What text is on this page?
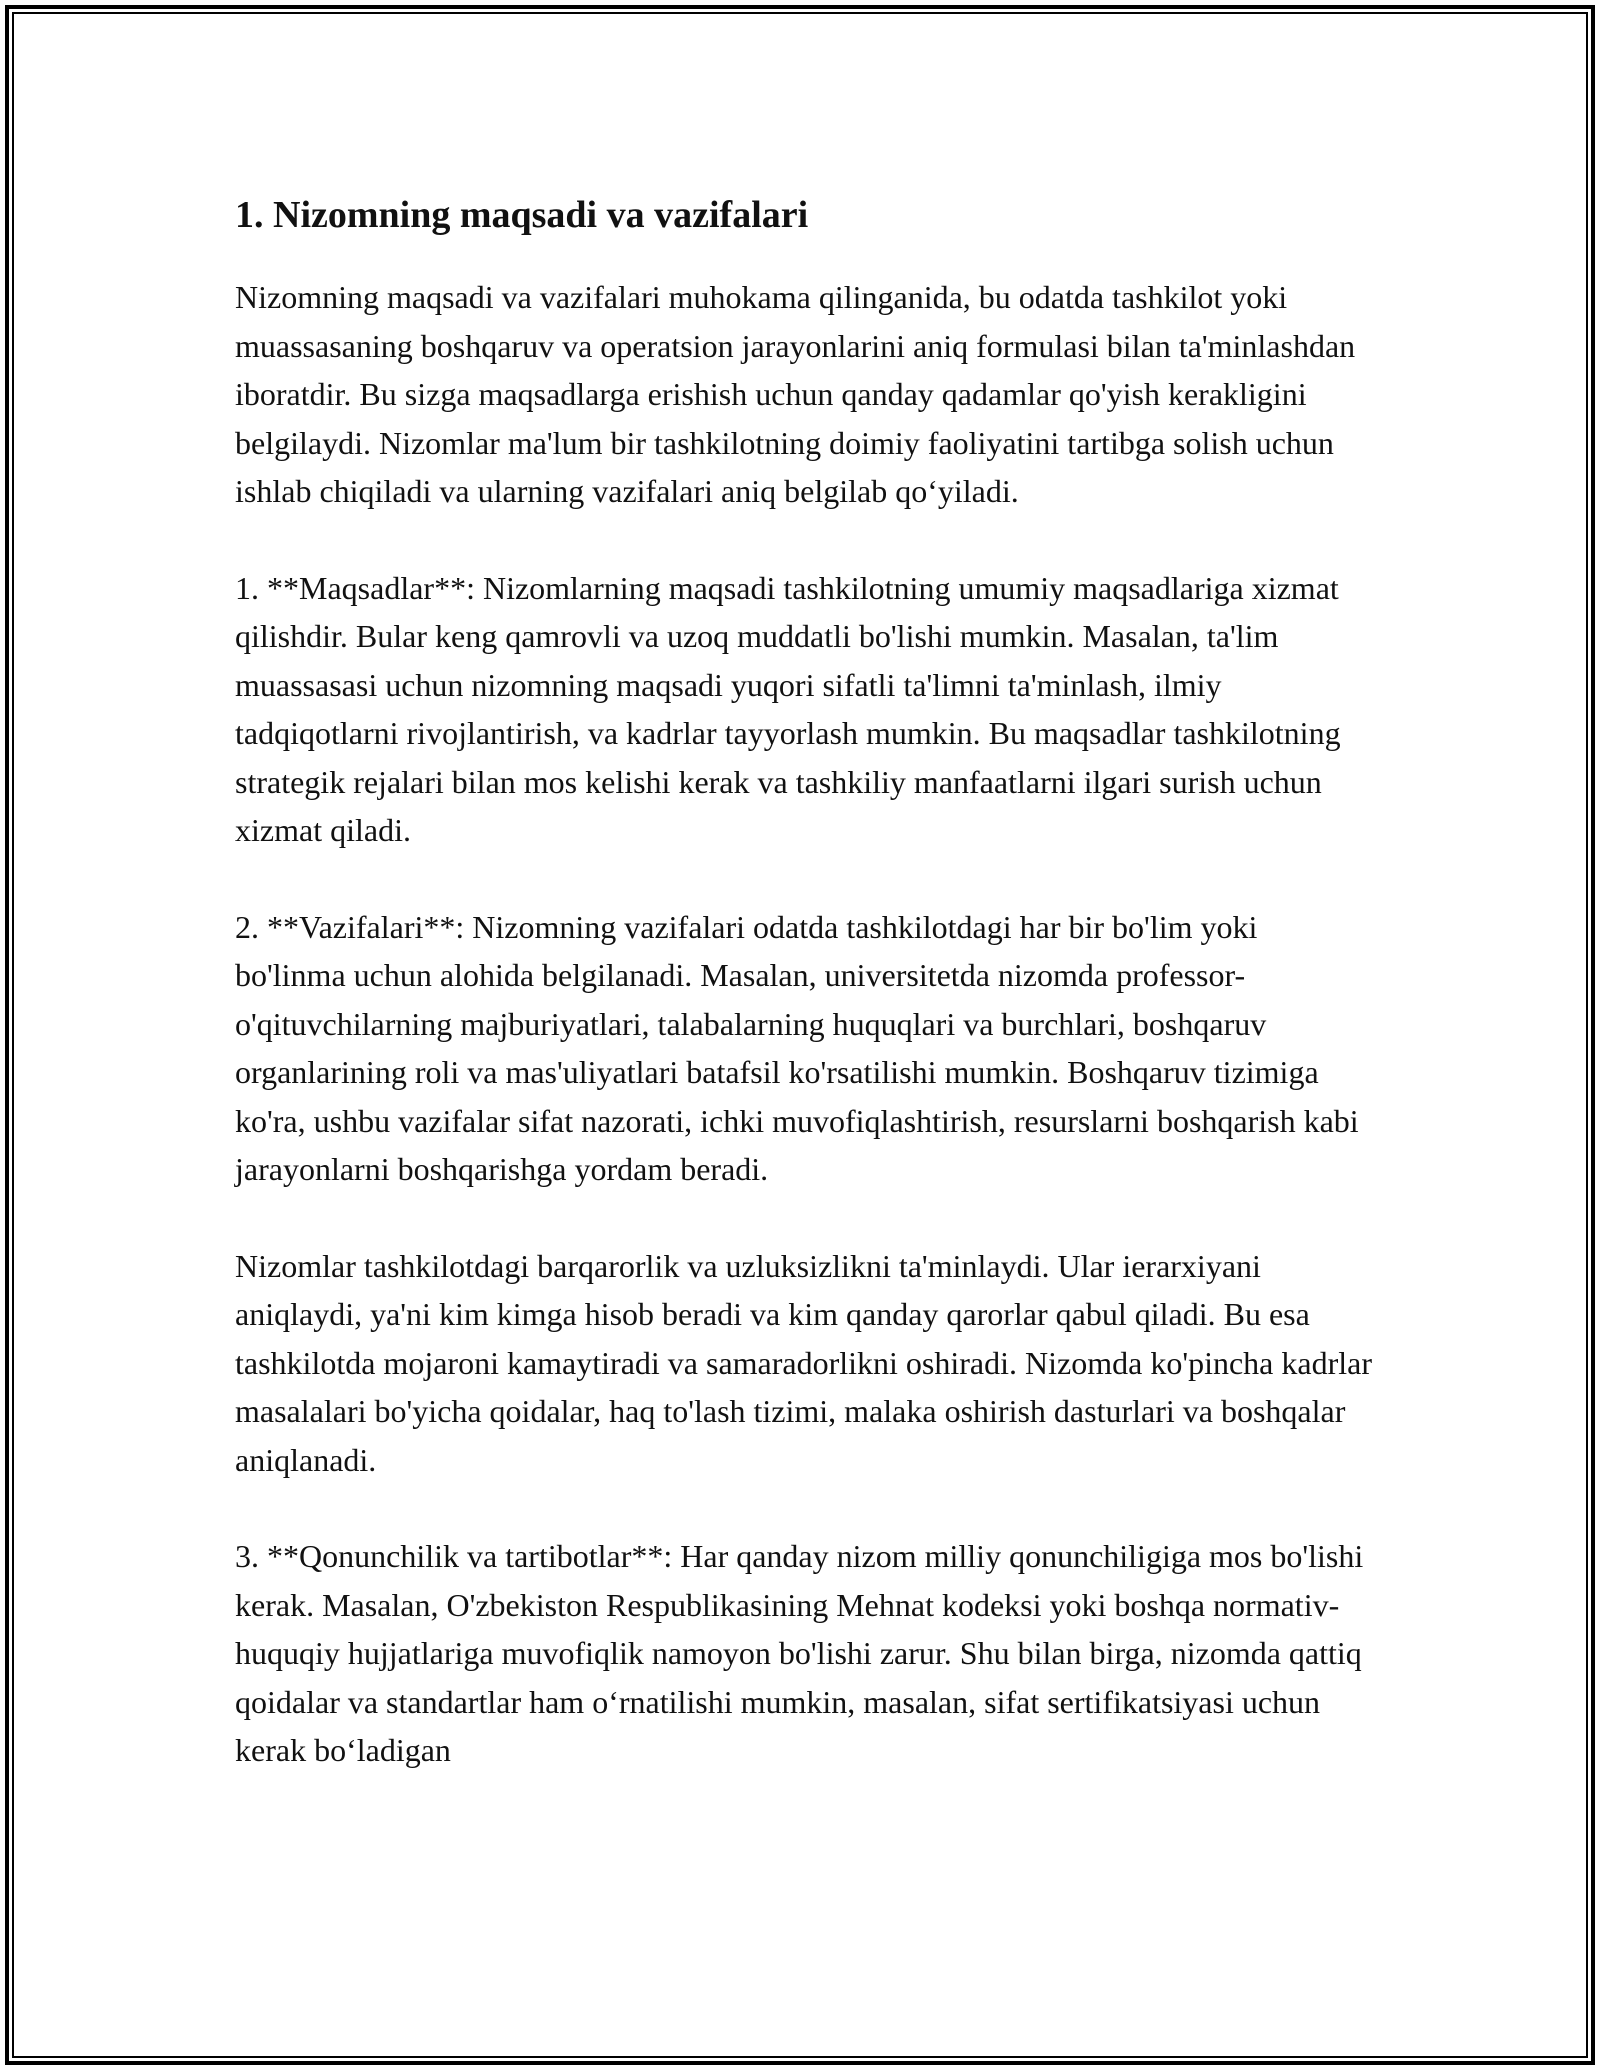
1. Nizomning maqsadi va vazifalari

Nizomning maqsadi va vazifalari muhokama qilinganida, bu odatda tashkilot yoki muassasaning boshqaruv va operatsion jarayonlarini aniq formulasi bilan ta'minlashdan iboratdir. Bu sizga maqsadlarga erishish uchun qanday qadamlar qo'yish kerakligini belgilaydi. Nizomlar ma'lum bir tashkilotning doimiy faoliyatini tartibga solish uchun ishlab chiqiladi va ularning vazifalari aniq belgilab qo‘yiladi.

1. **Maqsadlar**: Nizomlarning maqsadi tashkilotning umumiy maqsadlariga xizmat qilishdir. Bular keng qamrovli va uzoq muddatli bo'lishi mumkin. Masalan, ta'lim muassasasi uchun nizomning maqsadi yuqori sifatli ta'limni ta'minlash, ilmiy tadqiqotlarni rivojlantirish, va kadrlar tayyorlash mumkin. Bu maqsadlar tashkilotning strategik rejalari bilan mos kelishi kerak va tashkiliy manfaatlarni ilgari surish uchun xizmat qiladi.

2. **Vazifalari**: Nizomning vazifalari odatda tashkilotdagi har bir bo'lim yoki bo'linma uchun alohida belgilanadi. Masalan, universitetda nizomda professor-o'qituvchilarning majburiyatlari, talabalarning huquqlari va burchlari, boshqaruv organlarining roli va mas'uliyatlari batafsil ko'rsatilishi mumkin. Boshqaruv tizimiga ko'ra, ushbu vazifalar sifat nazorati, ichki muvofiqlashtirish, resurslarni boshqarish kabi jarayonlarni boshqarishga yordam beradi.

Nizomlar tashkilotdagi barqarorlik va uzluksizlikni ta'minlaydi. Ular ierarxiyani aniqlaydi, ya'ni kim kimga hisob beradi va kim qanday qarorlar qabul qiladi. Bu esa tashkilotda mojaroni kamaytiradi va samaradorlikni oshiradi. Nizomda ko'pincha kadrlar masalalari bo'yicha qoidalar, haq to'lash tizimi, malaka oshirish dasturlari va boshqalar aniqlanadi.

3. **Qonunchilik va tartibotlar**: Har qanday nizom milliy qonunchiligiga mos bo'lishi kerak. Masalan, O'zbekiston Respublikasining Mehnat kodeksi yoki boshqa normativ-huquqiy hujjatlariga muvofiqlik namoyon bo'lishi zarur. Shu bilan birga, nizomda qattiq qoidalar va standartlar ham o‘rnatilishi mumkin, masalan, sifat sertifikatsiyasi uchun kerak bo‘ladigan
